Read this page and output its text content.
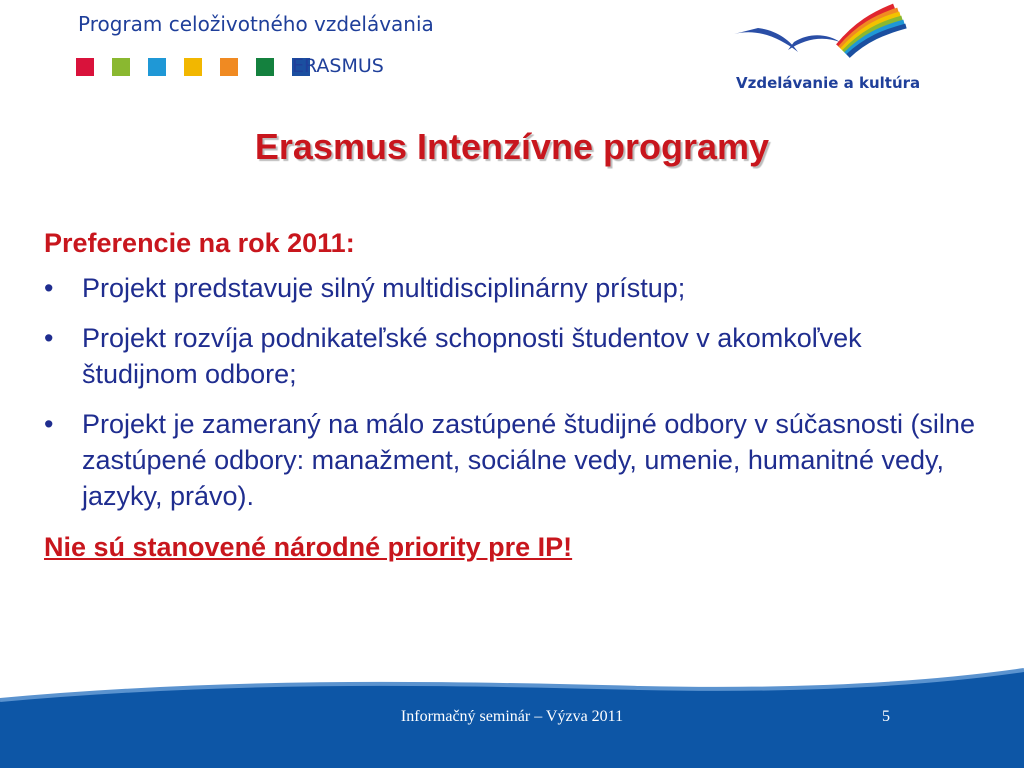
Program celoživotného vzdelávania
ERASMUS
Vzdelávanie a kultúra
Erasmus Intenzívne programy

Preferencie na rok 2011:

•	Projekt predstavuje silný multidisciplinárny prístup;
•	Projekt rozvíja podnikateľské schopnosti študentov v akomkoľvek študijnom odbore;
•	Projekt je zameraný na málo zastúpené študijné odbory v súčasnosti (silne zastúpené odbory: manažment, sociálne vedy, umenie, humanitné vedy, jazyky, právo).
Nie sú stanovené národné priority pre IP!
Informačný seminár – Výzva 2011	5
